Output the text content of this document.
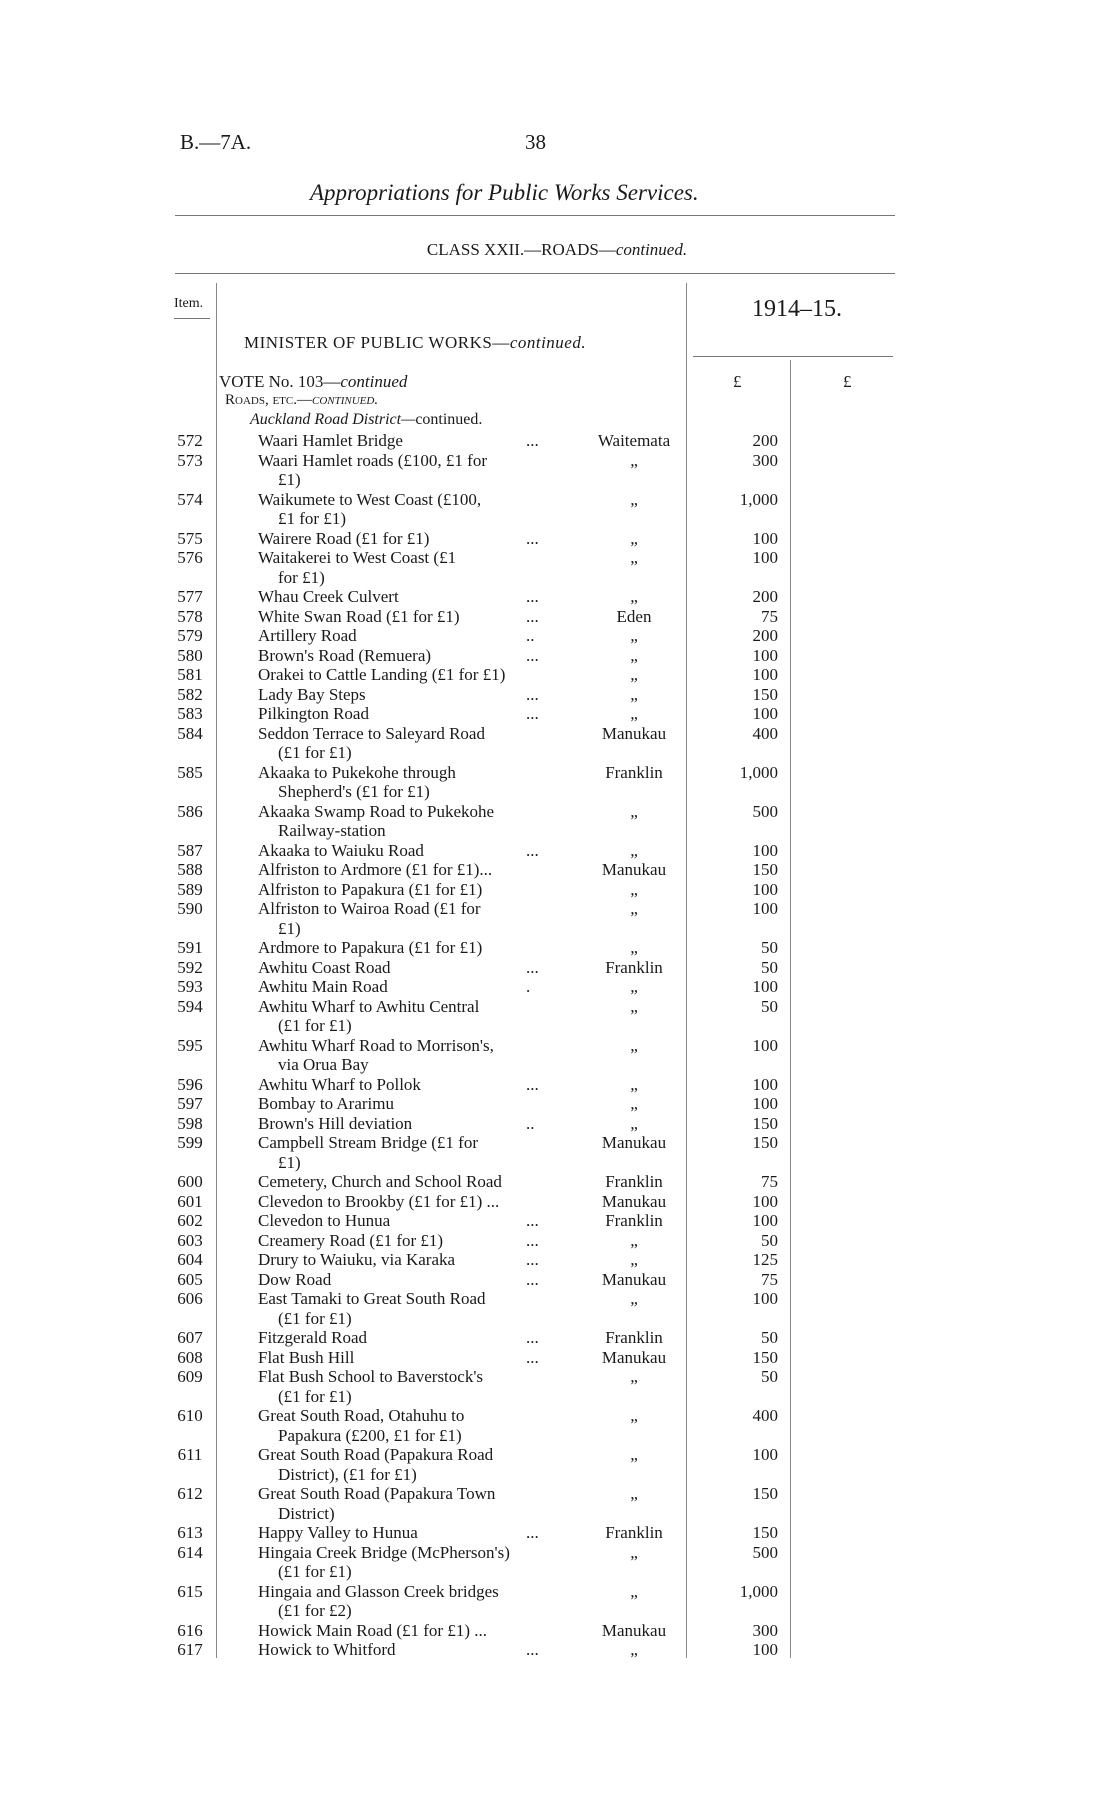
B.—7A.	38
Appropriations for Public Works Services.
CLASS XXII.—ROADS—continued.
Item.
MINISTER OF PUBLIC WORKS—continued.
1914–15.
£	£
VOTE No. 103—continued
Roads, etc.—continued.
Auckland Road District—continued.
572	Waari Hamlet Bridge	...	Waitemata	200
573	Waari Hamlet roads (£100, £1 for
£1)
„	300
574	Waikumete to West Coast (£100,
£1 for £1)
„	1,000
575	Wairere Road (£1 for £1)	...	„	100
576	Waitakerei to West Coast (£1
for £1)
„	100
577	Whau Creek Culvert	...	„	200
578	White Swan Road (£1 for £1)	...	Eden	75
579	Artillery Road	..	„	200
580	Brown's Road (Remuera)	...	„	100
581	Orakei to Cattle Landing (£1 for £1)	„	100
582	Lady Bay Steps	...	„	150
583	Pilkington Road	...	„	100
584	Seddon Terrace to Saleyard Road
(£1 for £1)
Manukau	400
585	Akaaka to Pukekohe through
Shepherd's (£1 for £1)
Franklin	1,000
586	Akaaka Swamp Road to Pukekohe
Railway-station
„	500
587	Akaaka to Waiuku Road	...	„	100
588	Alfriston to Ardmore (£1 for £1)...	Manukau	150
589	Alfriston to Papakura (£1 for £1)	„	100
590	Alfriston to Wairoa Road (£1 for
£1)
„	100
591	Ardmore to Papakura (£1 for £1)	„	50
592	Awhitu Coast Road	...	Franklin	50
593	Awhitu Main Road	.	„	100
594	Awhitu Wharf to Awhitu Central
(£1 for £1)
„	50
595	Awhitu Wharf Road to Morrison's,
via Orua Bay
„	100
596	Awhitu Wharf to Pollok	...	„	100
597	Bombay to Ararimu	„	100
598	Brown's Hill deviation	..	„	150
599	Campbell Stream Bridge (£1 for
£1)
Manukau	150
600	Cemetery, Church and School Road	Franklin	75
601	Clevedon to Brookby (£1 for £1) ...	Manukau	100
602	Clevedon to Hunua	...	Franklin	100
603	Creamery Road (£1 for £1)	...	„	50
604	Drury to Waiuku, via Karaka	...	„	125
605	Dow Road	...	Manukau	75
606	East Tamaki to Great South Road
(£1 for £1)
„	100
607	Fitzgerald Road	...	Franklin	50
608	Flat Bush Hill	...	Manukau	150
609	Flat Bush School to Baverstock's
(£1 for £1)
„	50
610	Great South Road, Otahuhu to
Papakura (£200, £1 for £1)
„	400
611	Great South Road (Papakura Road
District), (£1 for £1)
„	100
612	Great South Road (Papakura Town
District)
„	150
613	Happy Valley to Hunua	...	Franklin	150
614	Hingaia Creek Bridge (McPherson's)
(£1 for £1)
„	500
615	Hingaia and Glasson Creek bridges
(£1 for £2)
„	1,000
616	Howick Main Road (£1 for £1) ...	Manukau	300
617	Howick to Whitford	...	„	100
